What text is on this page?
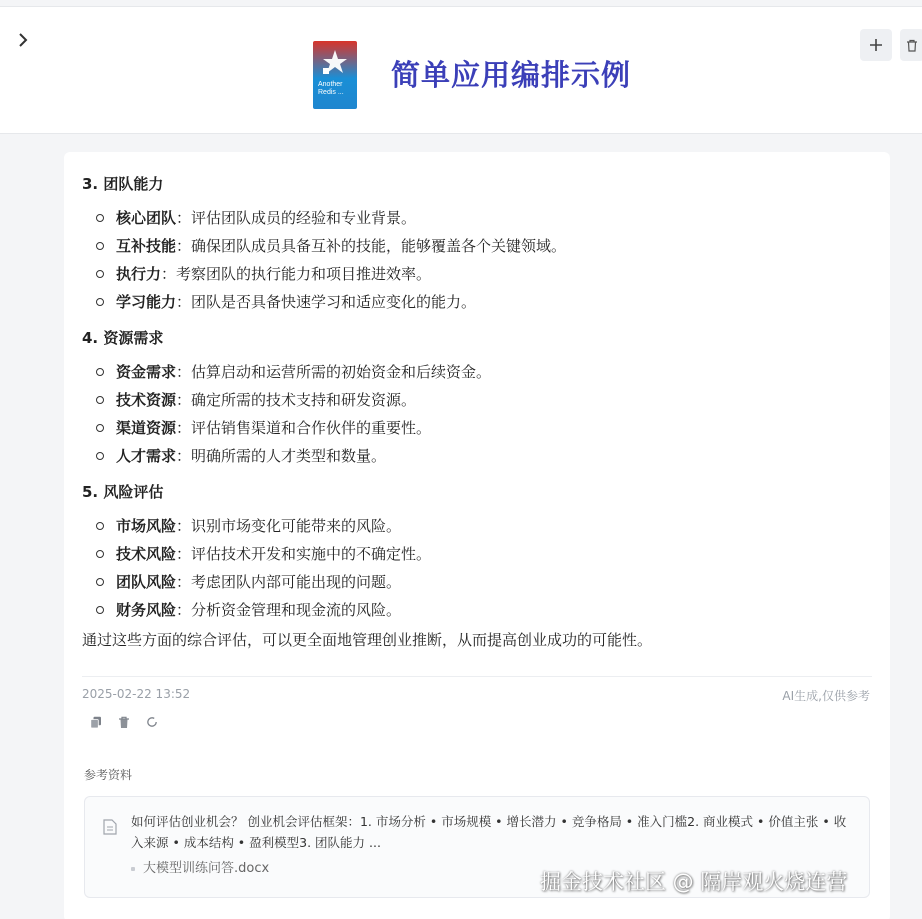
Another Redis ...
简单应用编排示例
3. 团队能力
核心团队：评估团队成员的经验和专业背景。
互补技能：确保团队成员具备互补的技能，能够覆盖各个关键领域。
执行力：考察团队的执行能力和项目推进效率。
学习能力：团队是否具备快速学习和适应变化的能力。
4. 资源需求
资金需求：估算启动和运营所需的初始资金和后续资金。
技术资源：确定所需的技术支持和研发资源。
渠道资源：评估销售渠道和合作伙伴的重要性。
人才需求：明确所需的人才类型和数量。
5. 风险评估
市场风险：识别市场变化可能带来的风险。
技术风险：评估技术开发和实施中的不确定性。
团队风险：考虑团队内部可能出现的问题。
财务风险：分析资金管理和现金流的风险。
通过这些方面的综合评估，可以更全面地管理创业推断，从而提高创业成功的可能性。
2025-02-22 13:52	AI生成,仅供参考
参考资料
如何评估创业机会？ 创业机会评估框架：1. 市场分析 • 市场规模 • 增长潜力 • 竞争格局 • 准入门槛2. 商业模式 • 价值主张 • 收入来源 • 成本结构 • 盈利模型3. 团队能力 ...
大模型训练问答.docx
掘金技术社区 @ 隔岸观火烧连营
